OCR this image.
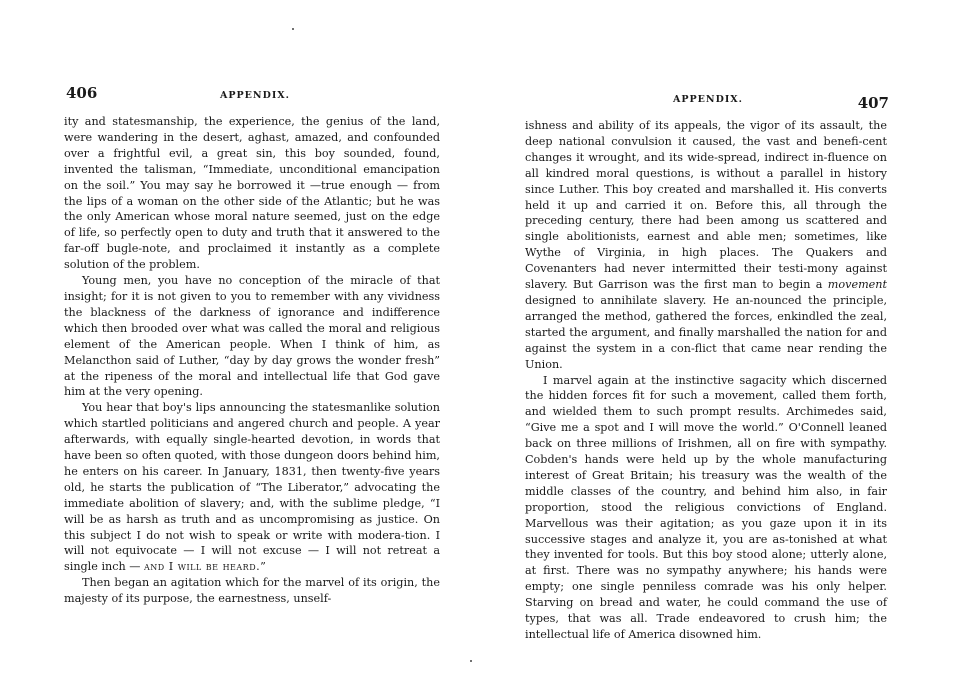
406	APPENDIX.

ity and statesmanship, the experience, the genius of the land, were wandering in the desert, aghast, amazed, and confounded over a frightful evil, a great sin, this boy sounded, found, invented the talisman, “Immediate, unconditional emancipation on the soil.” You may say he borrowed it —true enough — from the lips of a woman on the other side of the Atlantic; but he was the only American whose moral nature seemed, just on the edge of life, so perfectly open to duty and truth that it answered to the far-off bugle-note, and proclaimed it instantly as a complete solution of the problem.

Young men, you have no conception of the miracle of that insight; for it is not given to you to remember with any vividness the blackness of the darkness of ignorance and indifference which then brooded over what was called the moral and religious element of the American people. When I think of him, as Melancthon said of Luther, “day by day grows the wonder fresh” at the ripeness of the moral and intellectual life that God gave him at the very opening.

You hear that boy's lips announcing the statesmanlike solution which startled politicians and angered church and people. A year afterwards, with equally single-hearted devotion, in words that have been so often quoted, with those dungeon doors behind him, he enters on his career. In January, 1831, then twenty-five years old, he starts the publication of “The Liberator,” advocating the immediate abolition of slavery; and, with the sublime pledge, “I will be as harsh as truth and as uncompromising as justice. On this subject I do not wish to speak or write with modera-tion. I will not equivocate — I will not excuse — I will not retreat a single inch — and I will be heard.”

Then began an agitation which for the marvel of its origin, the majesty of its purpose, the earnestness, unself-

APPENDIX.	407

ishness and ability of its appeals, the vigor of its assault, the deep national convulsion it caused, the vast and benefi-cent changes it wrought, and its wide-spread, indirect in-fluence on all kindred moral questions, is without a parallel in history since Luther. This boy created and marshalled it. His converts held it up and carried it on. Before this, all through the preceding century, there had been among us scattered and single abolitionists, earnest and able men; sometimes, like Wythe of Virginia, in high places. The Quakers and Covenanters had never intermitted their testi-mony against slavery. But Garrison was the first man to begin a movement designed to annihilate slavery. He an-nounced the principle, arranged the method, gathered the forces, enkindled the zeal, started the argument, and finally marshalled the nation for and against the system in a con-flict that came near rending the Union.

I marvel again at the instinctive sagacity which discerned the hidden forces fit for such a movement, called them forth, and wielded them to such prompt results. Archimedes said, “Give me a spot and I will move the world.” O'Connell leaned back on three millions of Irishmen, all on fire with sympathy. Cobden's hands were held up by the whole manufacturing interest of Great Britain; his treasury was the wealth of the middle classes of the country, and behind him also, in fair proportion, stood the religious convictions of England. Marvellous was their agitation; as you gaze upon it in its successive stages and analyze it, you are as-tonished at what they invented for tools. But this boy stood alone; utterly alone, at first. There was no sympathy anywhere; his hands were empty; one single penniless comrade was his only helper. Starving on bread and water, he could command the use of types, that was all. Trade endeavored to crush him; the intellectual life of America disowned him.
